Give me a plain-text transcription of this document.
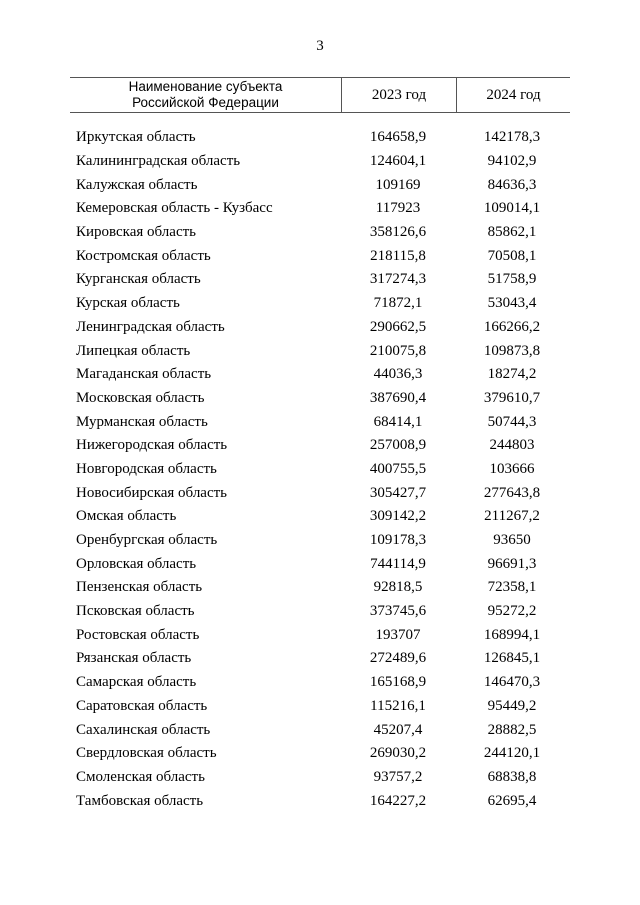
3
Наименование субъекта
Российской Федерации	2023 год	2024 год
Иркутская область	164658,9	142178,3
Калининградская область	124604,1	94102,9
Калужская область	109169	84636,3
Кемеровская область - Кузбасс	117923	109014,1
Кировская область	358126,6	85862,1
Костромская область	218115,8	70508,1
Курганская область	317274,3	51758,9
Курская область	71872,1	53043,4
Ленинградская область	290662,5	166266,2
Липецкая область	210075,8	109873,8
Магаданская область	44036,3	18274,2
Московская область	387690,4	379610,7
Мурманская область	68414,1	50744,3
Нижегородская область	257008,9	244803
Новгородская область	400755,5	103666
Новосибирская область	305427,7	277643,8
Омская область	309142,2	211267,2
Оренбургская область	109178,3	93650
Орловская область	744114,9	96691,3
Пензенская область	92818,5	72358,1
Псковская область	373745,6	95272,2
Ростовская область	193707	168994,1
Рязанская область	272489,6	126845,1
Самарская область	165168,9	146470,3
Саратовская область	115216,1	95449,2
Сахалинская область	45207,4	28882,5
Свердловская область	269030,2	244120,1
Смоленская область	93757,2	68838,8
Тамбовская область	164227,2	62695,4
